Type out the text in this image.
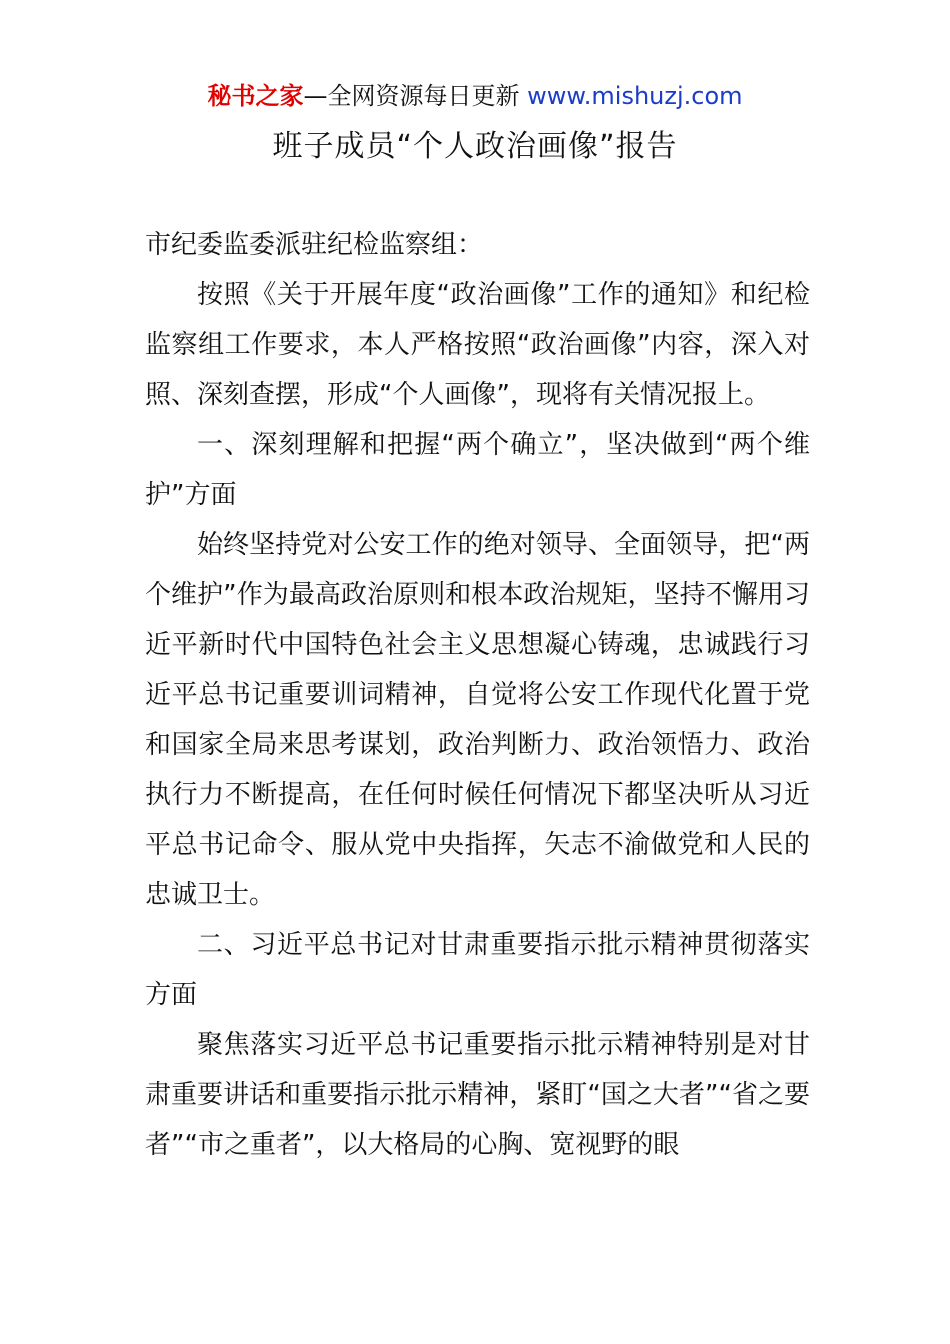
秘书之家—全网资源每日更新 www.mishuzj.com
班子成员“个人政治画像”报告

市纪委监委派驻纪检监察组：

按照《关于开展年度“政治画像”工作的通知》和纪检监察组工作要求，本人严格按照“政治画像”内容，深入对照、深刻查摆，形成“个人画像”，现将有关情况报上。

一、深刻理解和把握“两个确立”，坚决做到“两个维护”方面

始终坚持党对公安工作的绝对领导、全面领导，把“两个维护”作为最高政治原则和根本政治规矩，坚持不懈用习近平新时代中国特色社会主义思想凝心铸魂，忠诚践行习近平总书记重要训词精神，自觉将公安工作现代化置于党和国家全局来思考谋划，政治判断力、政治领悟力、政治执行力不断提高，在任何时候任何情况下都坚决听从习近平总书记命令、服从党中央指挥，矢志不渝做党和人民的忠诚卫士。

二、习近平总书记对甘肃重要指示批示精神贯彻落实方面

聚焦落实习近平总书记重要指示批示精神特别是对甘肃重要讲话和重要指示批示精神，紧盯“国之大者”“省之要者”“市之重者”，以大格局的心胸、宽视野的眼
